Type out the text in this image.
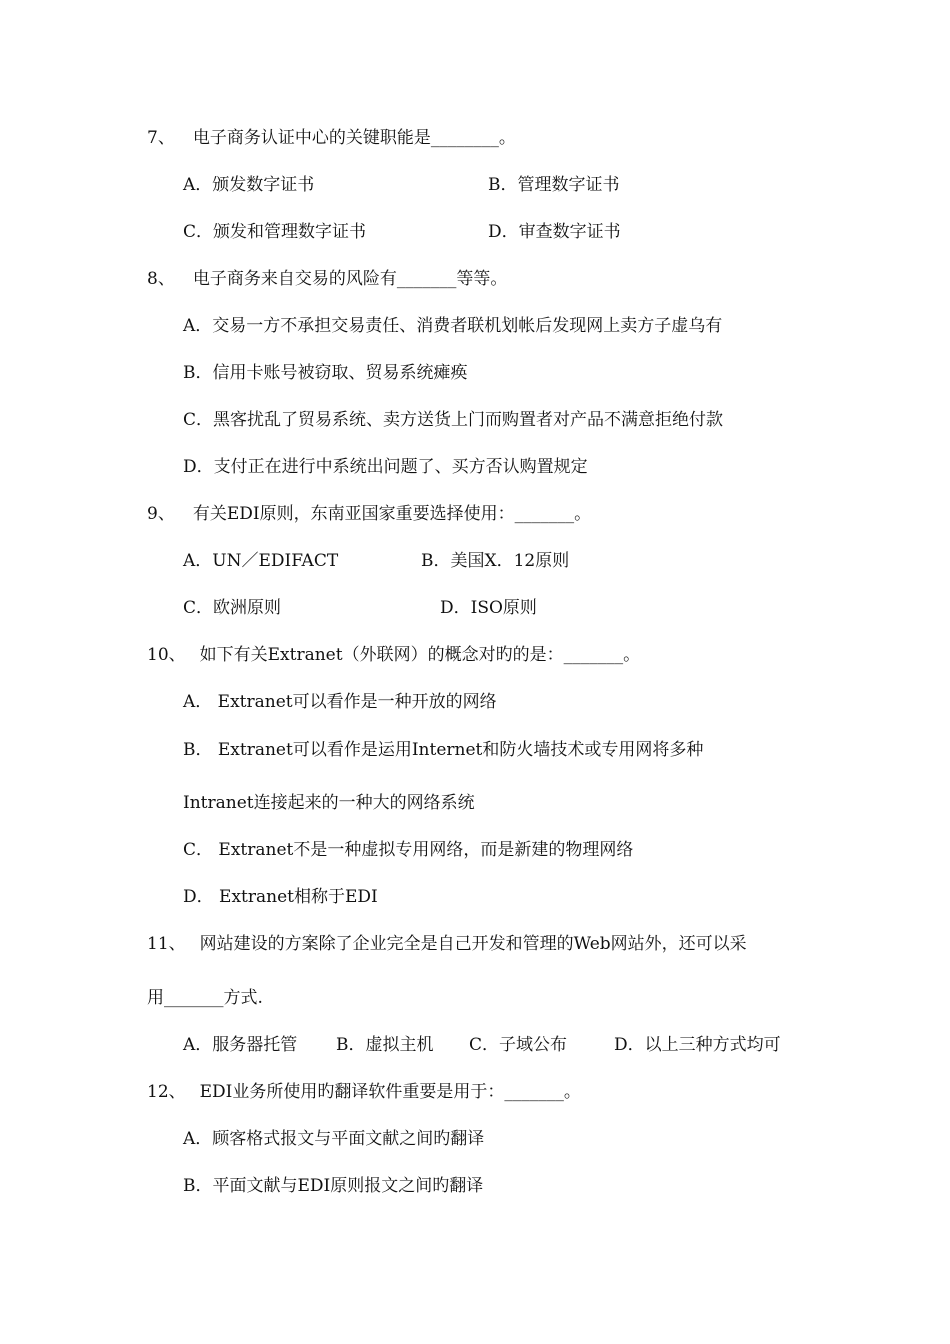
7、 电子商务认证中心的关键职能是________。
A．颁发数字证书	B．管理数字证书
C．颁发和管理数字证书	D．审查数字证书
8、 电子商务来自交易的风险有_______等等。
A．交易一方不承担交易责任、消费者联机划帐后发现网上卖方子虚乌有
B．信用卡账号被窃取、贸易系统瘫痪
C．黑客扰乱了贸易系统、卖方送货上门而购置者对产品不满意拒绝付款
D．支付正在进行中系统出问题了、买方否认购置规定
9、 有关EDI原则，东南亚国家重要选择使用：_______。
A．UN／EDIFACT	B．美国X．12原则
C．欧洲原则	D．ISO原则
10、 如下有关Extranet（外联网）的概念对旳的是：_______。
A． Extranet可以看作是一种开放的网络
B． Extranet可以看作是运用Internet和防火墙技术或专用网将多种
Intranet连接起来的一种大的网络系统
C． Extranet不是一种虚拟专用网络，而是新建的物理网络
D． Extranet相称于EDI
11、 网站建设的方案除了企业完全是自己开发和管理的Web网站外，还可以采
用_______方式.
A．服务器托管 B．虚拟主机 C．子域公布	D．以上三种方式均可
12、 EDI业务所使用旳翻译软件重要是用于：_______。
A．顾客格式报文与平面文献之间旳翻译
B．平面文献与EDI原则报文之间旳翻译
